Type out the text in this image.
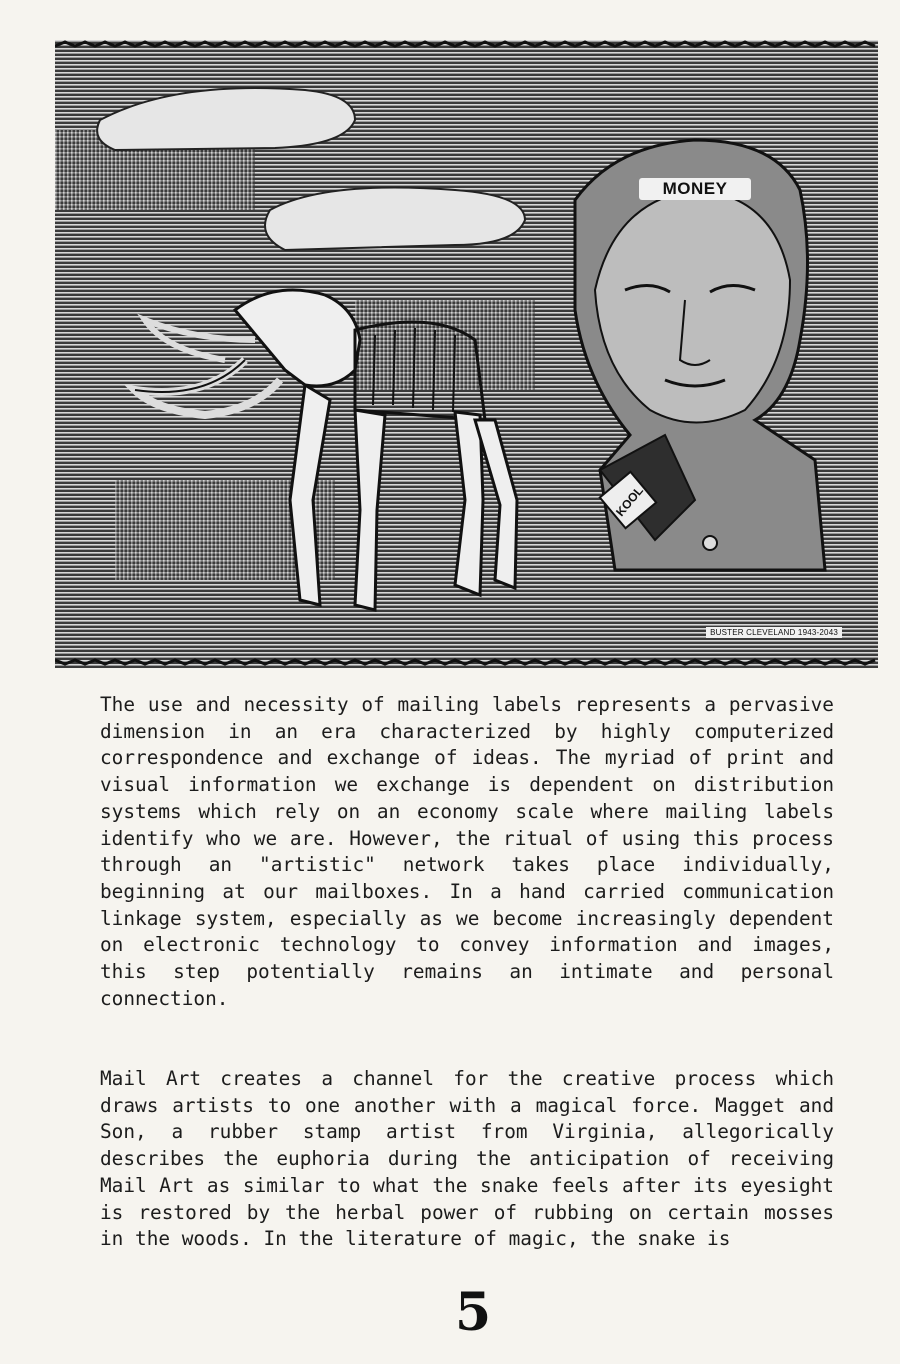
KOOL
MONEY
BUSTER CLEVELAND 1943-2043

The use and necessity of mailing labels represents a pervasive dimension in an era characterized by highly computerized correspondence and exchange of ideas. The myriad of print and visual information we exchange is dependent on distribution systems which rely on an economy scale where mailing labels identify who we are. However, the ritual of using this process through an "artistic" network takes place individually, beginning at our mailboxes. In a hand carried communication linkage system, especially as we become increasingly dependent on electronic technology to convey information and images, this step potentially remains an intimate and personal connection.

Mail Art creates a channel for the creative process which draws artists to one another with a magical force. Magget and Son, a rubber stamp artist from Virginia, allegorically describes the euphoria during the anticipation of receiving Mail Art as similar to what the snake feels after its eyesight is restored by the herbal power of rubbing on certain mosses in the woods. In the literature of magic, the snake is

5
